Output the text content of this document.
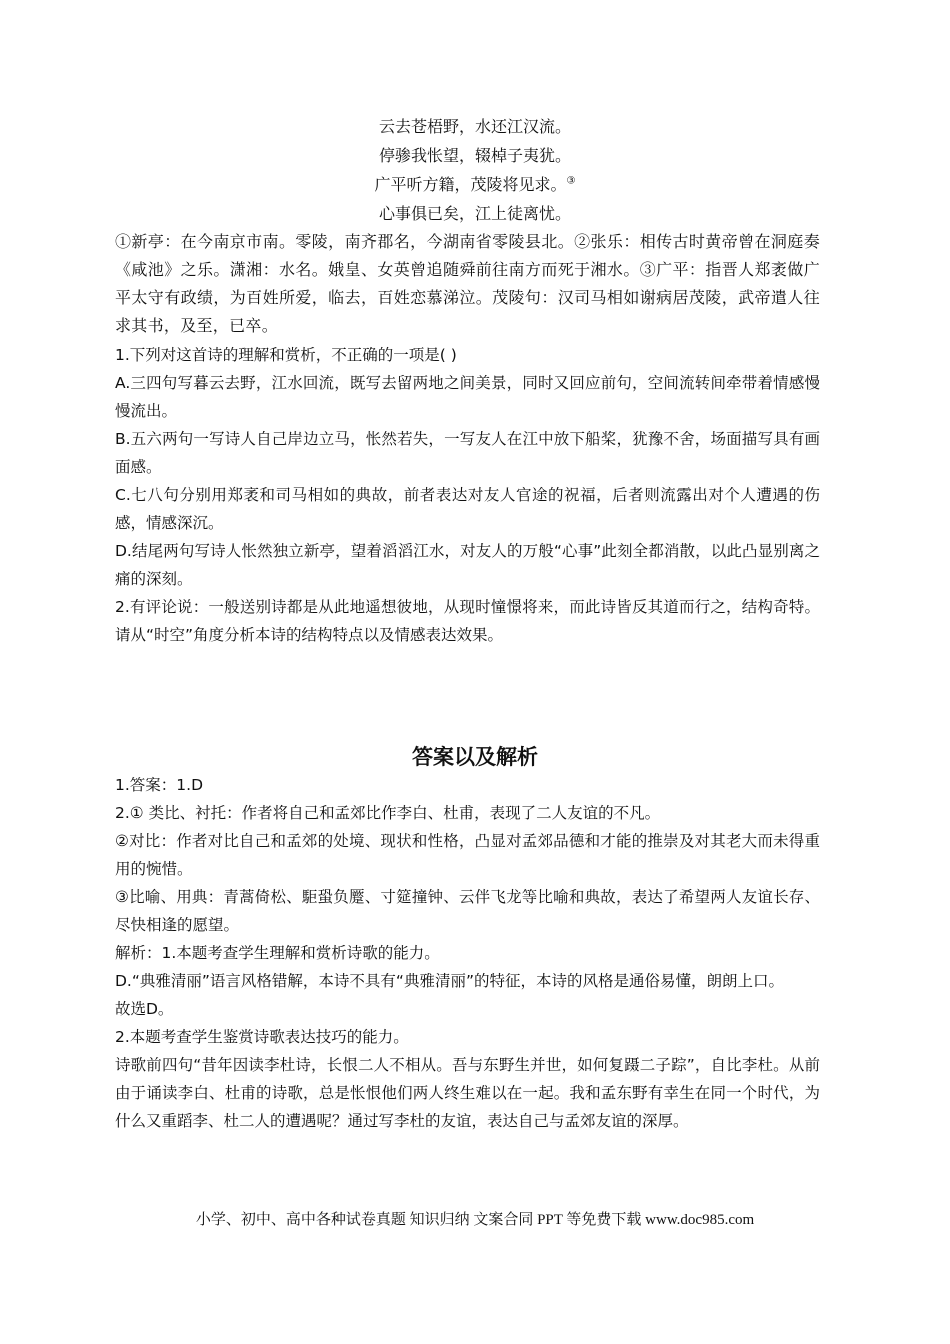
云去苍梧野，水还江汉流。
停骖我怅望，辍棹子夷犹。
广平听方籍，茂陵将见求。③
心事俱已矣，江上徒离忧。

①新亭：在今南京市南。零陵，南齐郡名，今湖南省零陵县北。②张乐：相传古时黄帝曾在洞庭奏《咸池》之乐。潇湘：水名。娥皇、女英曾追随舜前往南方而死于湘水。③广平：指晋人郑袤做广平太守有政绩，为百姓所爱，临去，百姓恋慕涕泣。茂陵句：汉司马相如谢病居茂陵，武帝遣人往求其书，及至，已卒。

1.下列对这首诗的理解和赏析，不正确的一项是( )

A.三四句写暮云去野，江水回流，既写去留两地之间美景，同时又回应前句，空间流转间牵带着情感慢慢流出。

B.五六两句一写诗人自己岸边立马，怅然若失，一写友人在江中放下船桨，犹豫不舍，场面描写具有画面感。

C.七八句分别用郑袤和司马相如的典故，前者表达对友人官途的祝福，后者则流露出对个人遭遇的伤感，情感深沉。

D.结尾两句写诗人怅然独立新亭，望着滔滔江水，对友人的万般“心事”此刻全都消散，以此凸显别离之痛的深刻。

2.有评论说：一般送别诗都是从此地遥想彼地，从现时憧憬将来，而此诗皆反其道而行之，结构奇特。请从“时空”角度分析本诗的结构特点以及情感表达效果。

答案以及解析

1.答案：1.D

2.① 类比、衬托：作者将自己和孟郊比作李白、杜甫，表现了二人友谊的不凡。

②对比：作者对比自己和孟郊的处境、现状和性格，凸显对孟郊品德和才能的推崇及对其老大而未得重用的惋惜。

③比喻、用典：青蒿倚松、駏蛩负蹷、寸筵撞钟、云伴飞龙等比喻和典故，表达了希望两人友谊长存、尽快相逢的愿望。

解析：1.本题考查学生理解和赏析诗歌的能力。

D.“典雅清丽”语言风格错解，本诗不具有“典雅清丽”的特征，本诗的风格是通俗易懂，朗朗上口。

故选D。

2.本题考查学生鉴赏诗歌表达技巧的能力。

诗歌前四句“昔年因读李杜诗，长恨二人不相从。吾与东野生并世，如何复蹑二子踪”，自比李杜。从前由于诵读李白、杜甫的诗歌，总是怅恨他们两人终生难以在一起。我和孟东野有幸生在同一个时代，为什么又重蹈李、杜二人的遭遇呢？通过写李杜的友谊，表达自己与孟郊友谊的深厚。

小学、初中、高中各种试卷真题 知识归纳 文案合同 PPT 等免费下载 www.doc985.com
